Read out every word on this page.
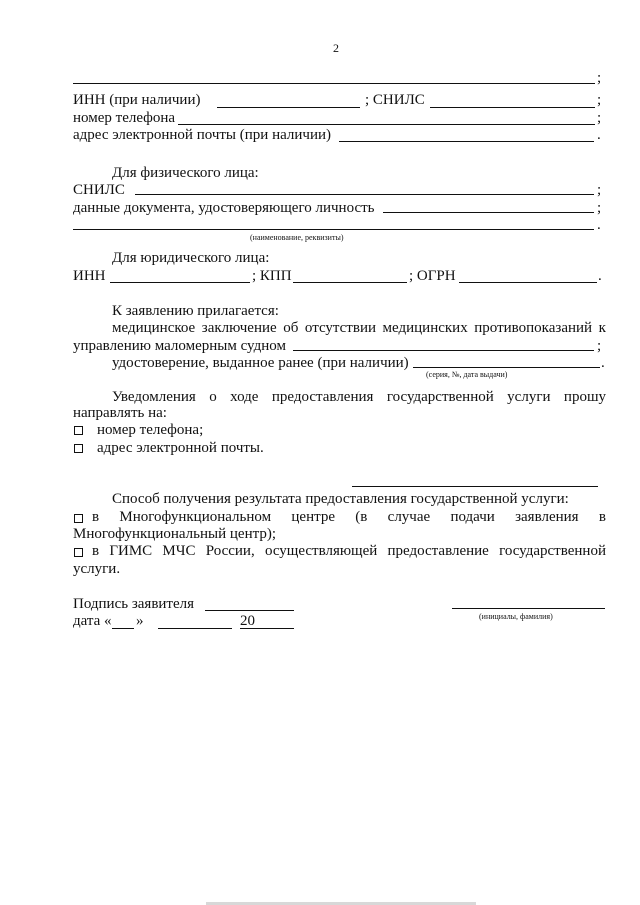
2
;
ИНН (при наличии)	; СНИЛС	;
номер телефона	;
адрес электронной почты (при наличии)	.
Для физического лица:
СНИЛС	;
данные документа, удостоверяющего личность	;
.
(наименование, реквизиты)
Для юридического лица:
ИНН	; КПП	; ОГРН	.
К заявлению прилагается:
медицинское заключение об отсутствии медицинских противопоказаний к
управлению маломерным судном	;
удостоверение, выданное ранее (при наличии)	.
(серия, №, дата выдачи)
Уведомления о ходе предоставления государственной услуги прошу
направлять на:
номер телефона;
адрес электронной почты.
Способ получения результата предоставления государственной услуги:
в Многофункциональном центре (в случае подачи заявления в
Многофункциональный центр);
в ГИМС МЧС России, осуществляющей предоставление государственной
услуги.
Подпись заявителя
(инициалы, фамилия)
дата « »	20
